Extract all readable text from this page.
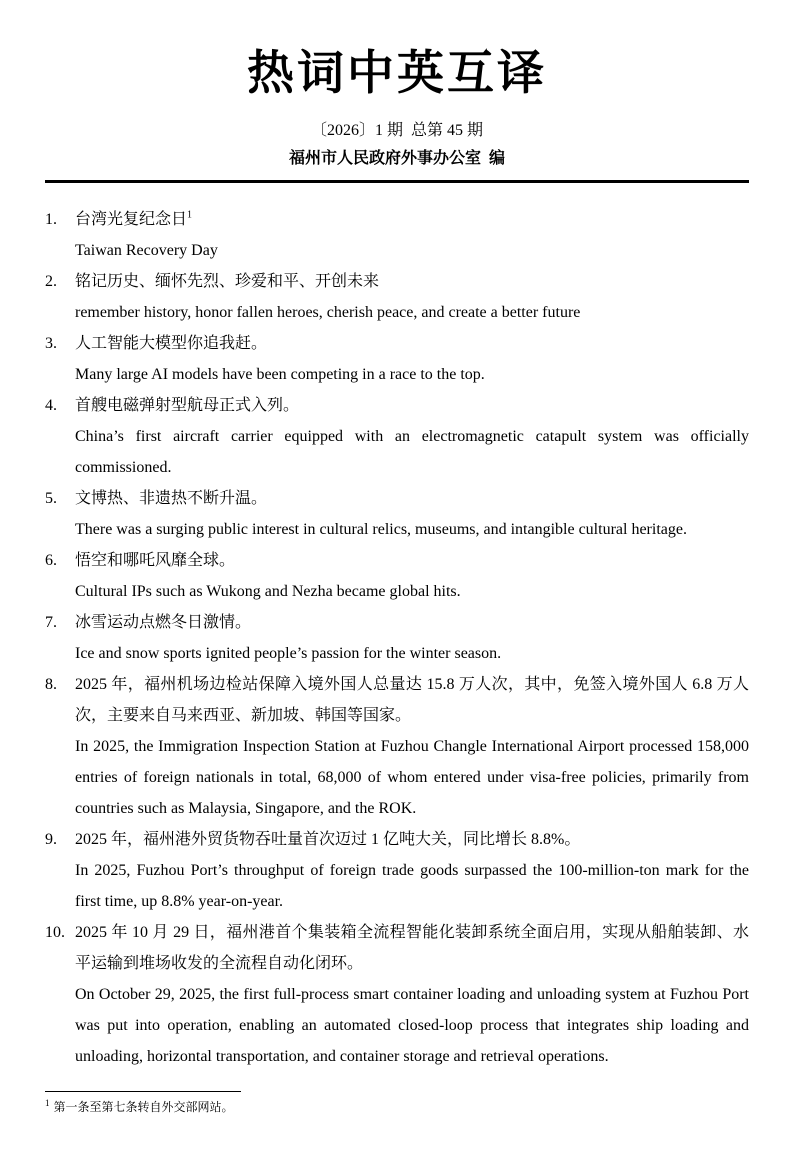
热词中英互译
〔2026〕1 期 总第 45 期
福州市人民政府外事办公室 编

1. 台湾光复纪念日$^1$

Taiwan Recovery Day

2. 铭记历史、缅怀先烈、珍爱和平、开创未来

remember history, honor fallen heroes, cherish peace, and create a better future

3. 人工智能大模型你追我赶。

Many large AI models have been competing in a race to the top.

4. 首艘电磁弹射型航母正式入列。

China’s first aircraft carrier equipped with an electromagnetic catapult system was officially commissioned.

5. 文博热、非遗热不断升温。

There was a surging public interest in cultural relics, museums, and intangible cultural heritage.

6. 悟空和哪吒风靡全球。

Cultural IPs such as Wukong and Nezha became global hits.

7. 冰雪运动点燃冬日激情。

Ice and snow sports ignited people’s passion for the winter season.

8. 2025 年，福州机场边检站保障入境外国人总量达 15.8 万人次，其中，免签入境外国人 6.8 万人次，主要来自马来西亚、新加坡、韩国等国家。

In 2025, the Immigration Inspection Station at Fuzhou Changle International Airport processed 158,000 entries of foreign nationals in total, 68,000 of whom entered under visa-free policies, primarily from countries such as Malaysia, Singapore, and the ROK.

9. 2025 年，福州港外贸货物吞吐量首次迈过 1 亿吨大关，同比增长 8.8%。

In 2025, Fuzhou Port’s throughput of foreign trade goods surpassed the 100-million-ton mark for the first time, up 8.8% year-on-year.

10. 2025 年 10 月 29 日，福州港首个集装箱全流程智能化装卸系统全面启用，实现从船舶装卸、水平运输到堆场收发的全流程自动化闭环。

On October 29, 2025, the first full-process smart container loading and unloading system at Fuzhou Port was put into operation, enabling an automated closed-loop process that integrates ship loading and unloading, horizontal transportation, and container storage and retrieval operations.

$^1$ 第一条至第七条转自外交部网站。
